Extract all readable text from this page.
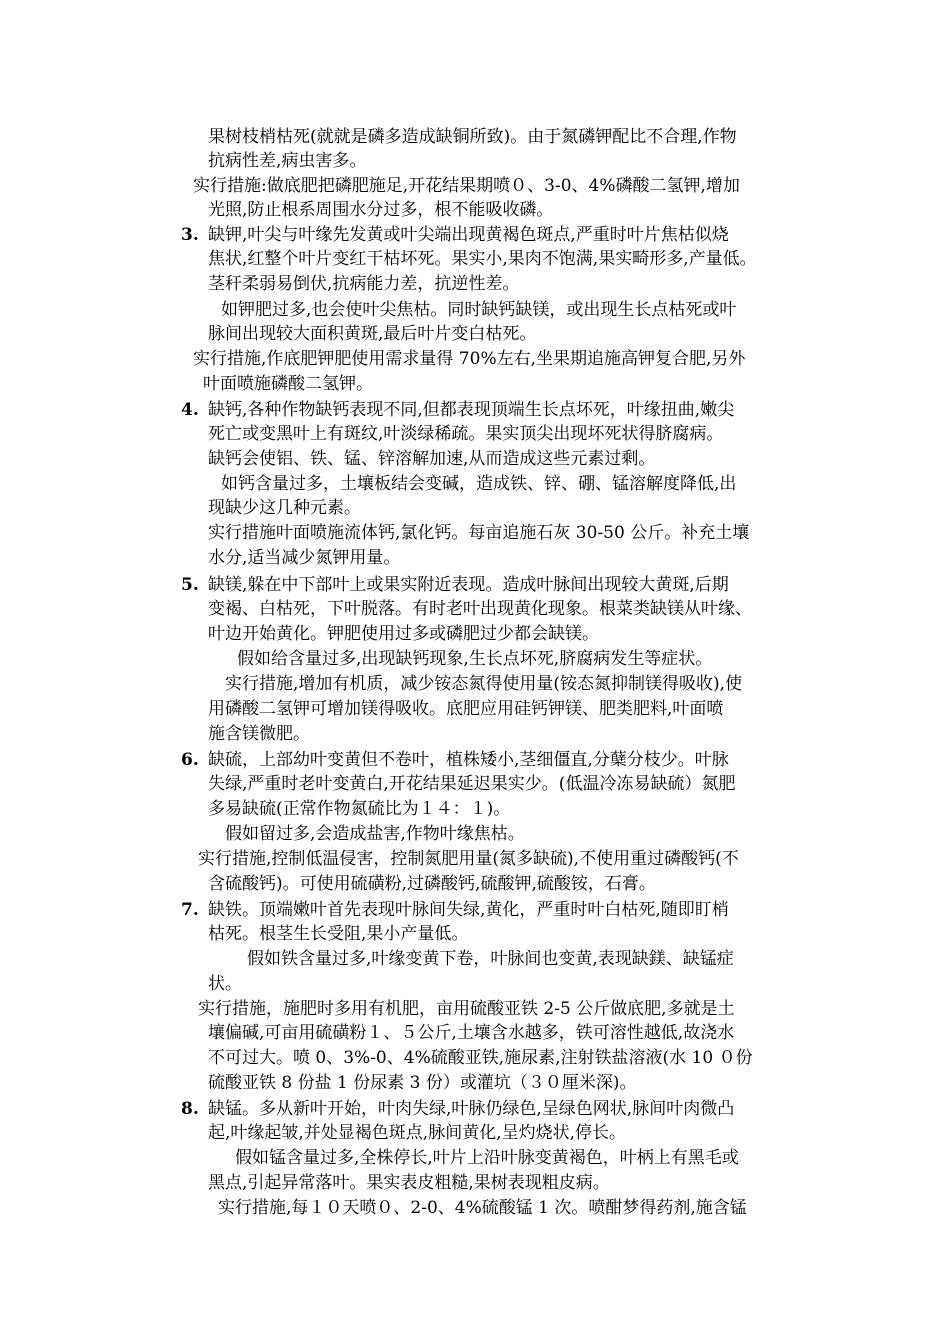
果树枝梢枯死(就就是磷多造成缺铜所致)。由于氮磷钾配比不合理,作物
抗病性差,病虫害多。
实行措施:做底肥把磷肥施足,开花结果期喷０、3-0、4%磷酸二氢钾,增加
光照,防止根系周围水分过多，根不能吸收磷。
3. 缺钾,叶尖与叶缘先发黄或叶尖端出现黄褐色斑点,严重时叶片焦枯似烧
焦状,红整个叶片变红干枯坏死。果实小,果肉不饱满,果实畸形多,产量低。
茎秆柔弱易倒伏,抗病能力差，抗逆性差。
如钾肥过多,也会使叶尖焦枯。同时缺钙缺镁，或出现生长点枯死或叶
脉间出现较大面积黄斑,最后叶片变白枯死。
实行措施,作底肥钾肥使用需求量得 70%左右,坐果期追施高钾复合肥,另外
叶面喷施磷酸二氢钾。
4. 缺钙,各种作物缺钙表现不同,但都表现顶端生长点坏死，叶缘扭曲,嫩尖
死亡或变黑叶上有斑纹,叶淡绿稀疏。果实顶尖出现坏死状得脐腐病。
缺钙会使铝、铁、锰、锌溶解加速,从而造成这些元素过剩。
如钙含量过多，土壤板结会变碱，造成铁、锌、硼、锰溶解度降低,出
现缺少这几种元素。
实行措施叶面喷施流体钙,氯化钙。每亩追施石灰 30-50 公斤。补充土壤
水分,适当减少氮钾用量。
5. 缺镁,躲在中下部叶上或果实附近表现。造成叶脉间出现较大黄斑,后期
变褐、白枯死，下叶脱落。有时老叶出现黄化现象。根菜类缺镁从叶缘、
叶边开始黄化。钾肥使用过多或磷肥过少都会缺镁。
假如给含量过多,出现缺钙现象,生长点坏死,脐腐病发生等症状。
实行措施,增加有机质，减少铵态氮得使用量(铵态氮抑制镁得吸收),使
用磷酸二氢钾可增加镁得吸收。底肥应用硅钙钾镁、肥类肥料,叶面喷
施含镁微肥。
6. 缺硫，上部幼叶变黄但不卷叶，植株矮小,茎细僵直,分蘖分枝少。叶脉
失绿,严重时老叶变黄白,开花结果延迟果实少。(低温冷冻易缺硫）氮肥
多易缺硫(正常作物氮硫比为１４：１)。
假如留过多,会造成盐害,作物叶缘焦枯。
实行措施,控制低温侵害，控制氮肥用量(氮多缺硫),不使用重过磷酸钙(不
含硫酸钙)。可使用硫磺粉,过磷酸钙,硫酸钾,硫酸铵，石膏。
7. 缺铁。顶端嫩叶首先表现叶脉间失绿,黄化，严重时叶白枯死,随即盯梢
枯死。根茎生长受阻,果小产量低。
假如铁含量过多,叶缘变黄下卷，叶脉间也变黄,表现缺鎂、缺锰症
状。
实行措施，施肥时多用有机肥，亩用硫酸亚铁 2-5 公斤做底肥,多就是土
壤偏碱,可亩用硫磺粉１、５公斤,土壤含水越多，铁可溶性越低,故浇水
不可过大。喷 0、3%-0、4%硫酸亚铁,施尿素,注射铁盐溶液(水 10 ０份
硫酸亚铁 8 份盐 1 份尿素 3 份）或灌坑（３０厘米深)。
8. 缺锰。多从新叶开始，叶肉失绿,叶脉仍绿色,呈绿色网状,脉间叶肉微凸
起,叶缘起皱,并处显褐色斑点,脉间黄化,呈灼烧状,停长。
假如锰含量过多,全株停长,叶片上沿叶脉变黄褐色，叶柄上有黑毛或
黑点,引起异常落叶。果实表皮粗糙,果树表现粗皮病。
实行措施,每１０天喷０、2-0、4%硫酸锰 1 次。喷酣梦得药剂,施含锰
